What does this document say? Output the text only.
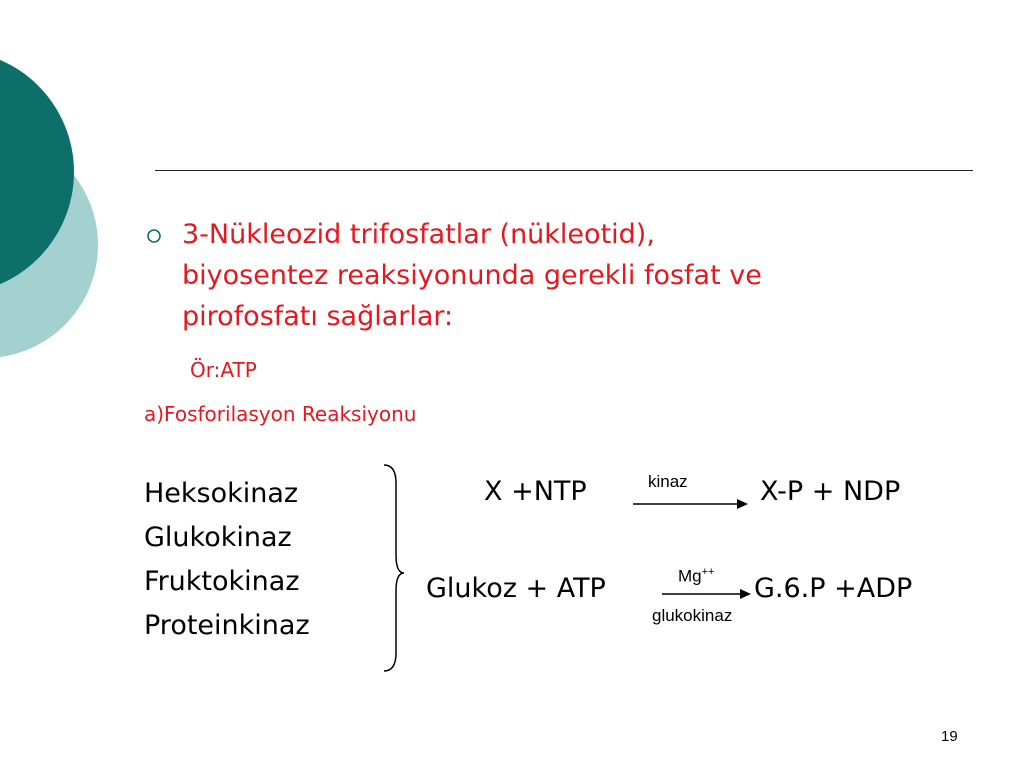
3-Nükleozid trifosfatlar (nükleotid),
biyosentez reaksiyonunda gerekli fosfat ve
pirofosfatı sağlarlar:
Ör:ATP
a)Fosforilasyon Reaksiyonu
Heksokinaz
Glukokinaz
Fruktokinaz
Proteinkinaz
X +NTP	kinaz	X-P + NDP
Glukoz + ATP	Mg++
glukokinaz
G.6.P +ADP
19
